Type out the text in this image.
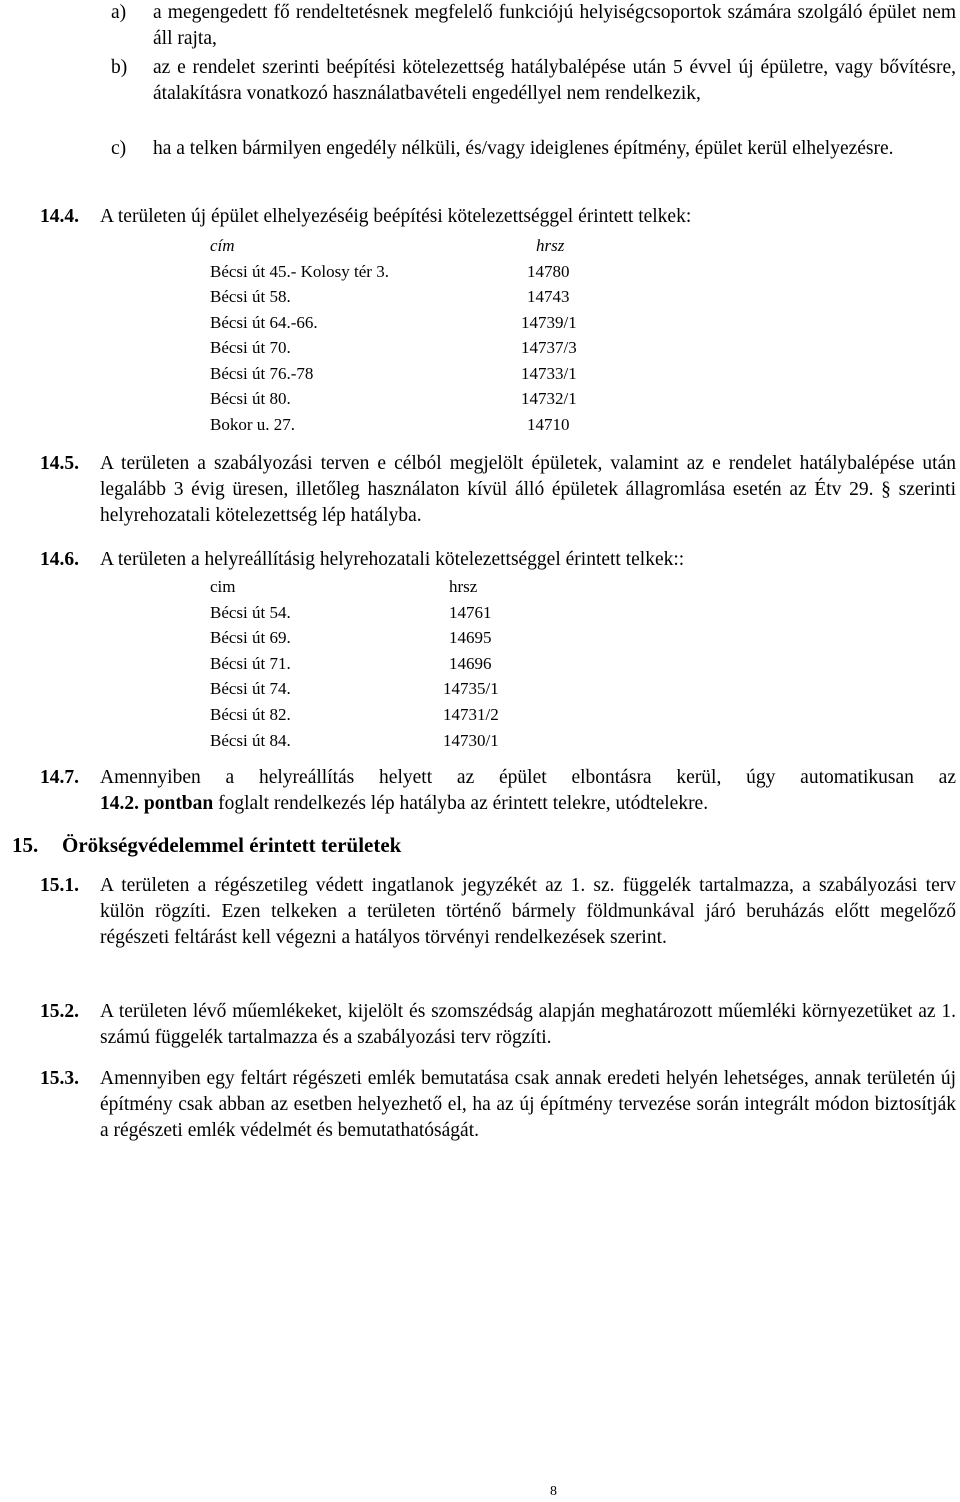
a)	a megengedett fő rendeltetésnek megfelelő funkciójú helyiségcsoportok számára szolgáló épület nem áll rajta,
b)	az e rendelet szerinti beépítési kötelezettség hatálybalépése után 5 évvel új épületre, vagy bővítésre, átalakításra vonatkozó használatbavételi engedéllyel nem rendelkezik,
c)	ha a telken bármilyen engedély nélküli, és/vagy ideiglenes építmény, épület kerül elhelyezésre.
14.4. A területen új épület elhelyezéséig beépítési kötelezettséggel érintett telkek:
cím	hrsz
Bécsi út 45.- Kolosy tér 3.	14780
Bécsi út 58.	14743
Bécsi út 64.-66.	14739/1
Bécsi út 70.	14737/3
Bécsi út 76.-78	14733/1
Bécsi út 80.	14732/1
Bokor u. 27.	14710
14.5. A területen a szabályozási terven e célból megjelölt épületek, valamint az e rendelet hatálybalépése után legalább 3 évig üresen, illetőleg használaton kívül álló épületek állagromlása esetén az Étv 29. § szerinti helyrehozatali kötelezettség lép hatályba.
14.6. A területen a helyreállításig helyrehozatali kötelezettséggel érintett telkek::
cim	hrsz
Bécsi út 54.	14761
Bécsi út 69.	14695
Bécsi út 71.	14696
Bécsi út 74.	14735/1
Bécsi út 82.	14731/2
Bécsi út 84.	14730/1
14.7. Amennyiben a helyreállítás helyett az épület elbontásra kerül, úgy automatikusan az
14.2. pontban foglalt rendelkezés lép hatályba az érintett telekre, utódtelekre.
15. Örökségvédelemmel érintett területek
15.1. A területen a régészetileg védett ingatlanok jegyzékét az 1. sz. függelék tartalmazza, a szabályozási terv külön rögzíti. Ezen telkeken a területen történő bármely földmunkával járó beruházás előtt megelőző régészeti feltárást kell végezni a hatályos törvényi rendelkezések szerint.
15.2. A területen lévő műemlékeket, kijelölt és szomszédság alapján meghatározott műemléki környezetüket az 1. számú függelék tartalmazza és a szabályozási terv rögzíti.
15.3. Amennyiben egy feltárt régészeti emlék bemutatása csak annak eredeti helyén lehetséges, annak területén új építmény csak abban az esetben helyezhető el, ha az új építmény tervezése során integrált módon biztosítják a régészeti emlék védelmét és bemutathatóságát.
8
